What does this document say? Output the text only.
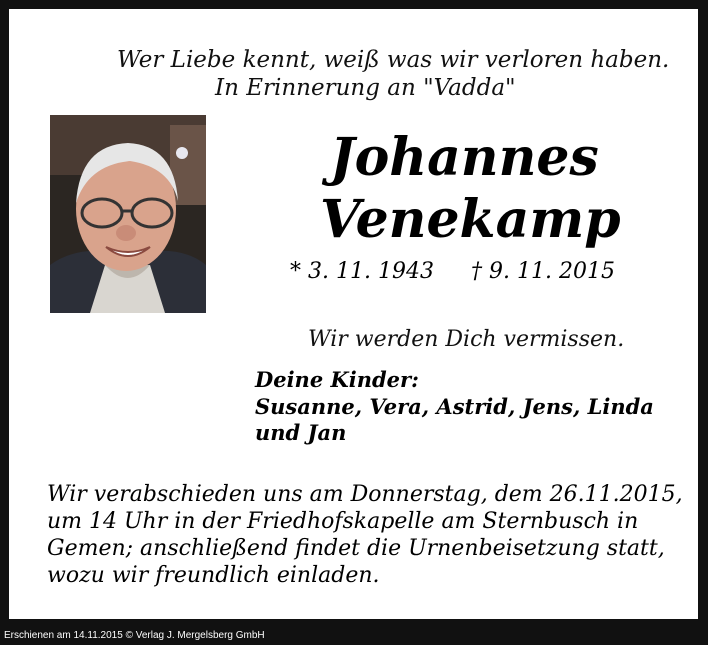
Wer Liebe kennt, weiß was wir verloren haben.
In Erinnerung an "Vadda"
Johannes
Venekamp
* 3. 11. 1943 † 9. 11. 2015
Wir werden Dich vermissen.
Deine Kinder:
Susanne, Vera, Astrid, Jens, Linda und Jan
Wir verabschieden uns am Donnerstag, dem 26.11.2015, um 14 Uhr in der Friedhofskapelle am Sternbusch in Gemen; anschließend findet die Urnenbeisetzung statt, wozu wir freundlich einladen.
Erschienen am 14.11.2015 © Verlag J. Mergelsberg GmbH
